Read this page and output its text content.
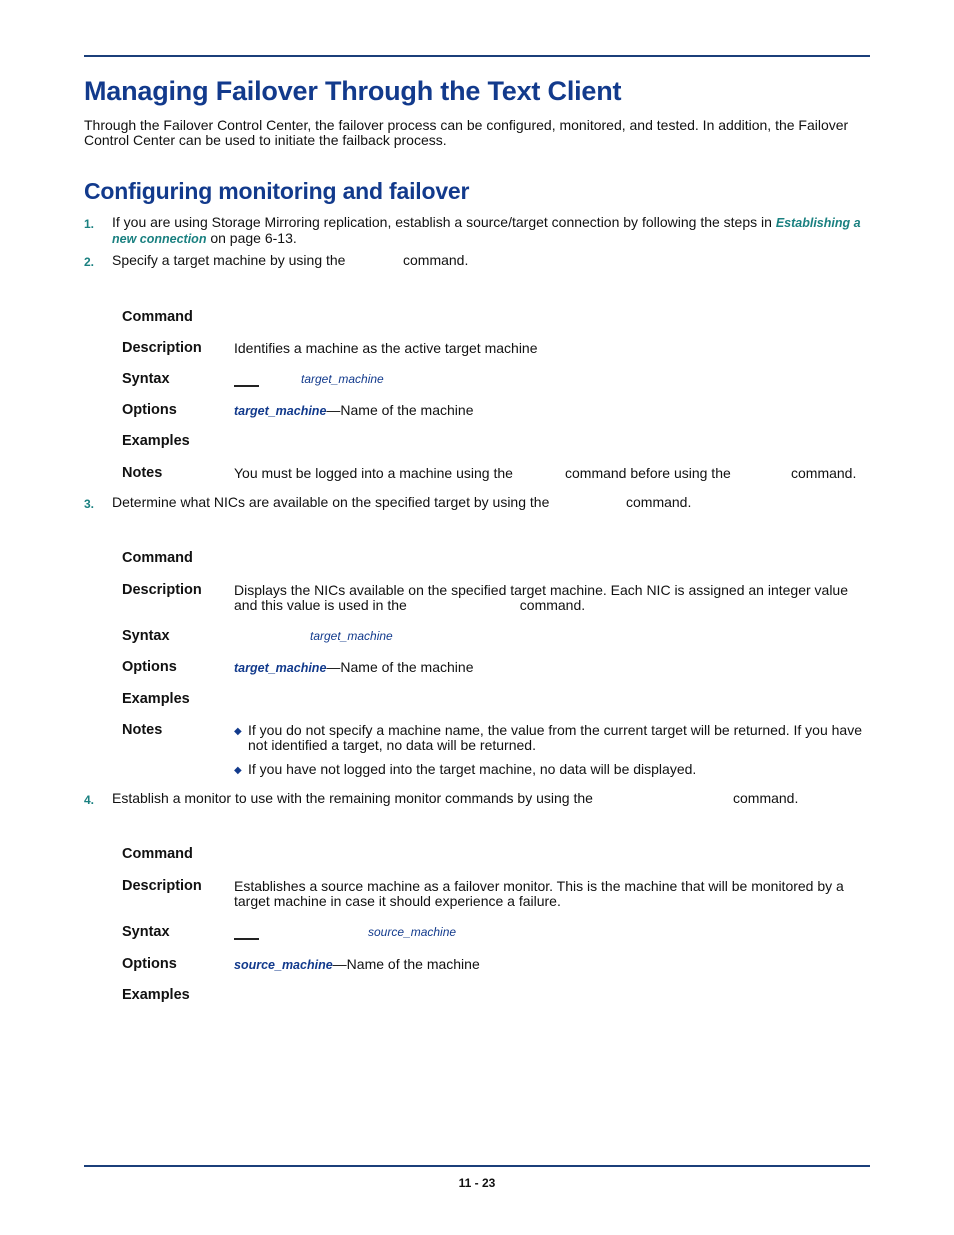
Managing Failover Through the Text Client
Through the Failover Control Center, the failover process can be configured, monitored, and tested. In addition, the Failover Control Center can be used to initiate the failback process.
Configuring monitoring and failover
1. If you are using Storage Mirroring replication, establish a source/target connection by following the steps in Establishing a
new connection on page 6-13.
2. Specify a target machine by using the	command.
Command
Description Identifies a machine as the active target machine
Syntax	target_machine
Options	target_machine—Name of the machine
Examples
Notes	You must be logged into a machine using the	command before using the	command.
3. Determine what NICs are available on the specified target by using the	command.
Command
Description Displays the NICs available on the specified target machine. Each NIC is assigned an integer value
and this value is used in the	command.
Syntax	target_machine
Options	target_machine—Name of the machine
Examples
Notes	◆ If you do not specify a machine name, the value from the current target will be returned. If you have not identified a target, no data will be returned.
◆ If you have not logged into the target machine, no data will be displayed.
4. Establish a monitor to use with the remaining monitor commands by using the	command.
Command
Description Establishes a source machine as a failover monitor. This is the machine that will be monitored by a target machine in case it should experience a failure.
Syntax	source_machine
Options	source_machine—Name of the machine
Examples
11 - 23
